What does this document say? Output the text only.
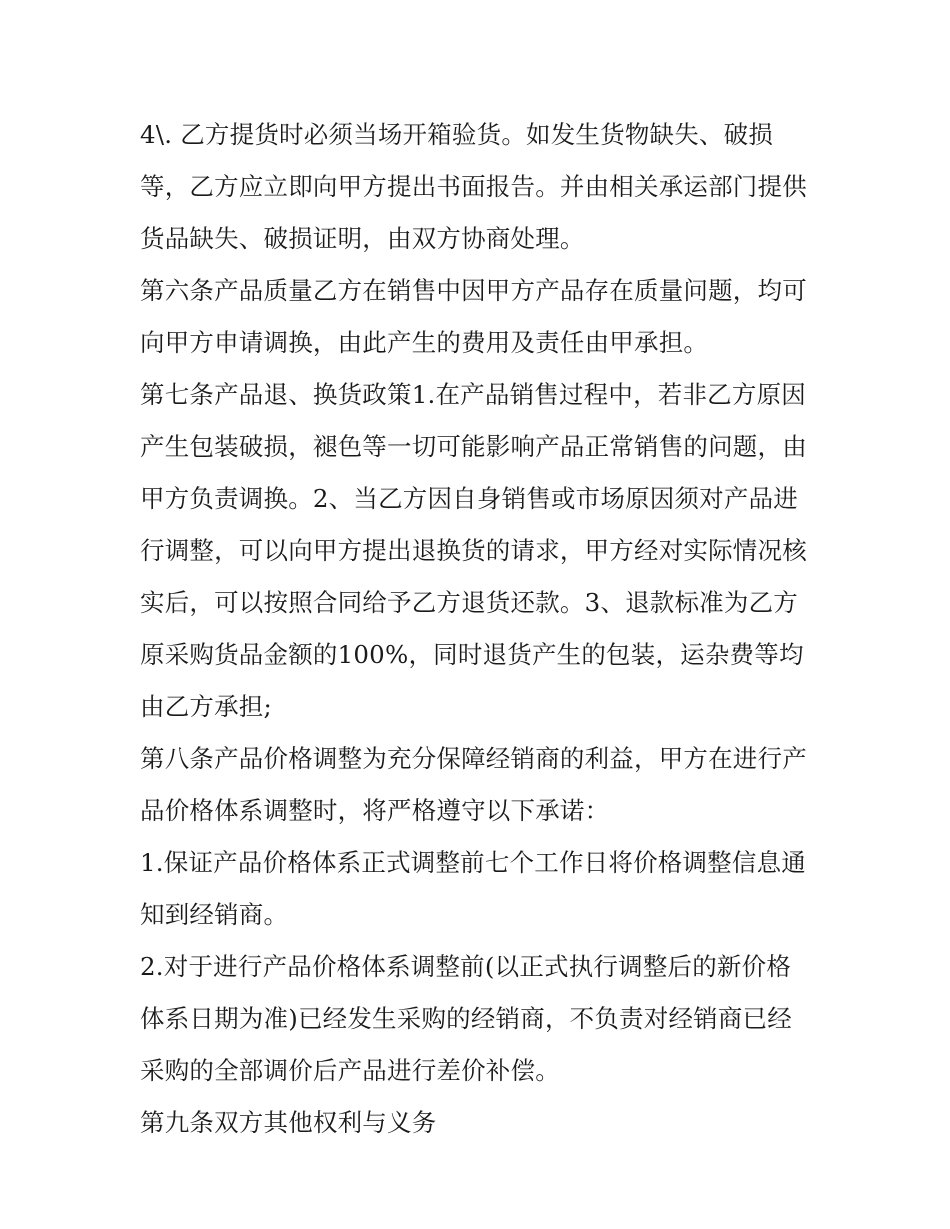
4\. 乙方提货时必须当场开箱验货。如发生货物缺失、破损
等，乙方应立即向甲方提出书面报告。并由相关承运部门提供
货品缺失、破损证明，由双方协商处理。
第六条产品质量乙方在销售中因甲方产品存在质量问题，均可
向甲方申请调换，由此产生的费用及责任由甲承担。
第七条产品退、换货政策1.在产品销售过程中，若非乙方原因
产生包装破损，褪色等一切可能影响产品正常销售的问题，由
甲方负责调换。2、当乙方因自身销售或市场原因须对产品进
行调整，可以向甲方提出退换货的请求，甲方经对实际情况核
实后，可以按照合同给予乙方退货还款。3、退款标准为乙方
原采购货品金额的100%，同时退货产生的包装，运杂费等均
由乙方承担;
第八条产品价格调整为充分保障经销商的利益，甲方在进行产
品价格体系调整时，将严格遵守以下承诺：
1.保证产品价格体系正式调整前七个工作日将价格调整信息通
知到经销商。
2.对于进行产品价格体系调整前(以正式执行调整后的新价格
体系日期为准)已经发生采购的经销商，不负责对经销商已经
采购的全部调价后产品进行差价补偿。
第九条双方其他权利与义务
